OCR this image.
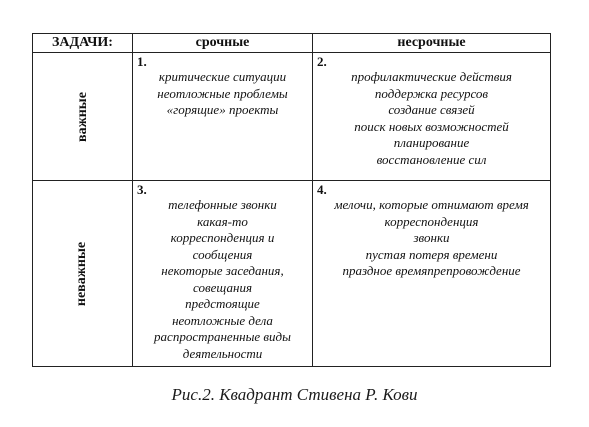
ЗАДАЧИ:	срочные	несрочные
важные
неважные
1.
критические ситуации
неотложные проблемы
«горящие» проекты
2.
профилактические действия
поддержка ресурсов
создание связей
поиск новых возможностей
планирование
восстановление сил
3.
телефонные звонки
какая-то
корреспонденция и
сообщения
некоторые заседания,
совещания
предстоящие
неотложные дела
распространенные виды
деятельности
4.
мелочи, которые отнимают время
корреспонденция
звонки
пустая потеря времени
праздное времяпрепровождение
Рис.2. Квадрант Стивена Р. Кови
